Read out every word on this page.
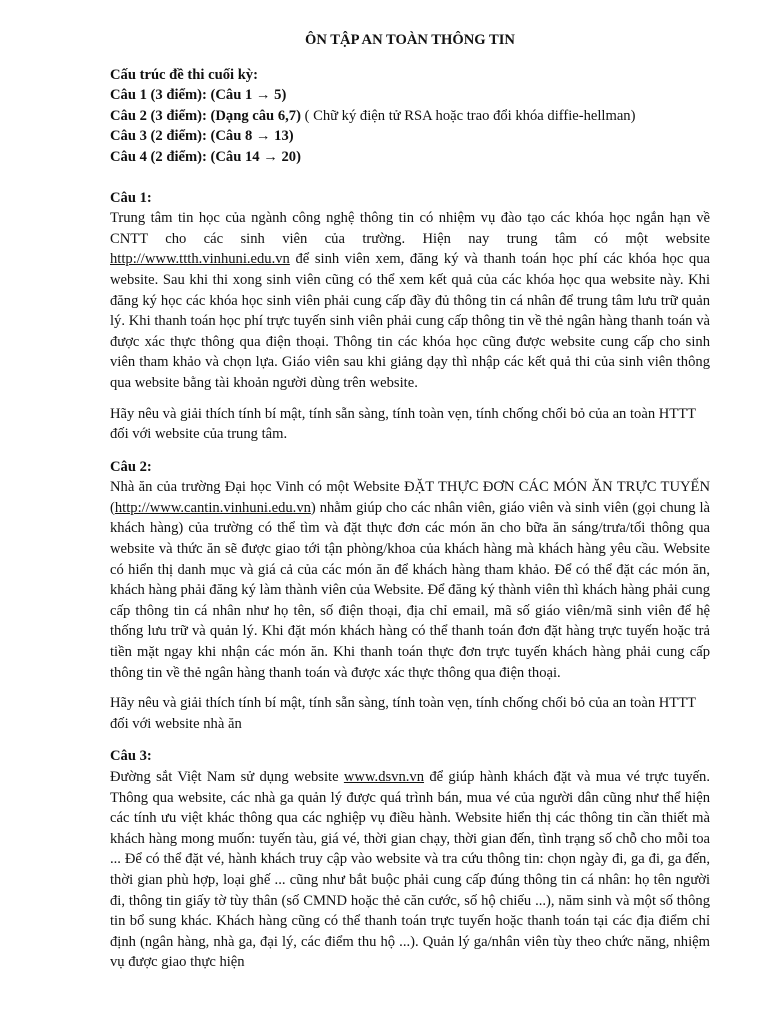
ÔN TẬP AN TOÀN THÔNG TIN
Cấu trúc đề thi cuối kỳ:
Câu 1 (3 điểm): (Câu 1 → 5)
Câu 2 (3 điểm): (Dạng câu 6,7) ( Chữ ký điện tử RSA hoặc trao đổi khóa diffie-hellman)
Câu 3 (2 điểm): (Câu 8 → 13)
Câu 4 (2 điểm): (Câu 14 → 20)
Câu 1:

Trung tâm tin học của ngành công nghệ thông tin có nhiệm vụ đào tạo các khóa học ngắn hạn về CNTT cho các sinh viên của trường. Hiện nay trung tâm có một website http://www.ttth.vinhuni.edu.vn để sinh viên xem, đăng ký và thanh toán học phí các khóa học qua website. Sau khi thi xong sinh viên cũng có thể xem kết quả của các khóa học qua website này. Khi đăng ký học các khóa học sinh viên phải cung cấp đầy đủ thông tin cá nhân để trung tâm lưu trữ quản lý. Khi thanh toán học phí trực tuyến sinh viên phải cung cấp thông tin về thẻ ngân hàng thanh toán và được xác thực thông qua điện thoại. Thông tin các khóa học cũng được website cung cấp cho sinh viên tham khảo và chọn lựa. Giáo viên sau khi giảng dạy thì nhập các kết quả thi của sinh viên thông qua website bằng tài khoản người dùng trên website.

Hãy nêu và giải thích tính bí mật, tính sẵn sàng, tính toàn vẹn, tính chống chối bỏ của an toàn HTTT đối với website của trung tâm.

Câu 2:

Nhà ăn của trường Đại học Vinh có một Website ĐẶT THỰC ĐƠN CÁC MÓN ĂN TRỰC TUYẾN (http://www.cantin.vinhuni.edu.vn) nhằm giúp cho các nhân viên, giáo viên và sinh viên (gọi chung là khách hàng) của trường có thể tìm và đặt thực đơn các món ăn cho bữa ăn sáng/trưa/tối thông qua website và thức ăn sẽ được giao tới tận phòng/khoa của khách hàng mà khách hàng yêu cầu. Website có hiển thị danh mục và giá cả của các món ăn để khách hàng tham khảo. Để có thể đặt các món ăn, khách hàng phải đăng ký làm thành viên của Website. Để đăng ký thành viên thì khách hàng phải cung cấp thông tin cá nhân như họ tên, số điện thoại, địa chỉ email, mã số giáo viên/mã sinh viên để hệ thống lưu trữ và quản lý. Khi đặt món khách hàng có thể thanh toán đơn đặt hàng trực tuyến hoặc trả tiền mặt ngay khi nhận các món ăn. Khi thanh toán thực đơn trực tuyến khách hàng phải cung cấp thông tin về thẻ ngân hàng thanh toán và được xác thực thông qua điện thoại.

Hãy nêu và giải thích tính bí mật, tính sẵn sàng, tính toàn vẹn, tính chống chối bỏ của an toàn HTTT đối với website nhà ăn

Câu 3:

Đường sắt Việt Nam sử dụng website www.dsvn.vn để giúp hành khách đặt và mua vé trực tuyến. Thông qua website, các nhà ga quản lý được quá trình bán, mua vé của người dân cũng như thể hiện các tính ưu việt khác thông qua các nghiệp vụ điều hành. Website hiển thị các thông tin cần thiết mà khách hàng mong muốn: tuyến tàu, giá vé, thời gian chạy, thời gian đến, tình trạng số chỗ cho mỗi toa ... Để có thể đặt vé, hành khách truy cập vào website và tra cứu thông tin: chọn ngày đi, ga đi, ga đến, thời gian phù hợp, loại ghế ... cũng như bắt buộc phải cung cấp đúng thông tin cá nhân: họ tên người đi, thông tin giấy tờ tùy thân (số CMND hoặc thẻ căn cước, số hộ chiếu ...), năm sinh và một số thông tin bổ sung khác. Khách hàng cũng có thể thanh toán trực tuyến hoặc thanh toán tại các địa điểm chỉ định (ngân hàng, nhà ga, đại lý, các điểm thu hộ ...). Quản lý ga/nhân viên tùy theo chức năng, nhiệm vụ được giao thực hiện
